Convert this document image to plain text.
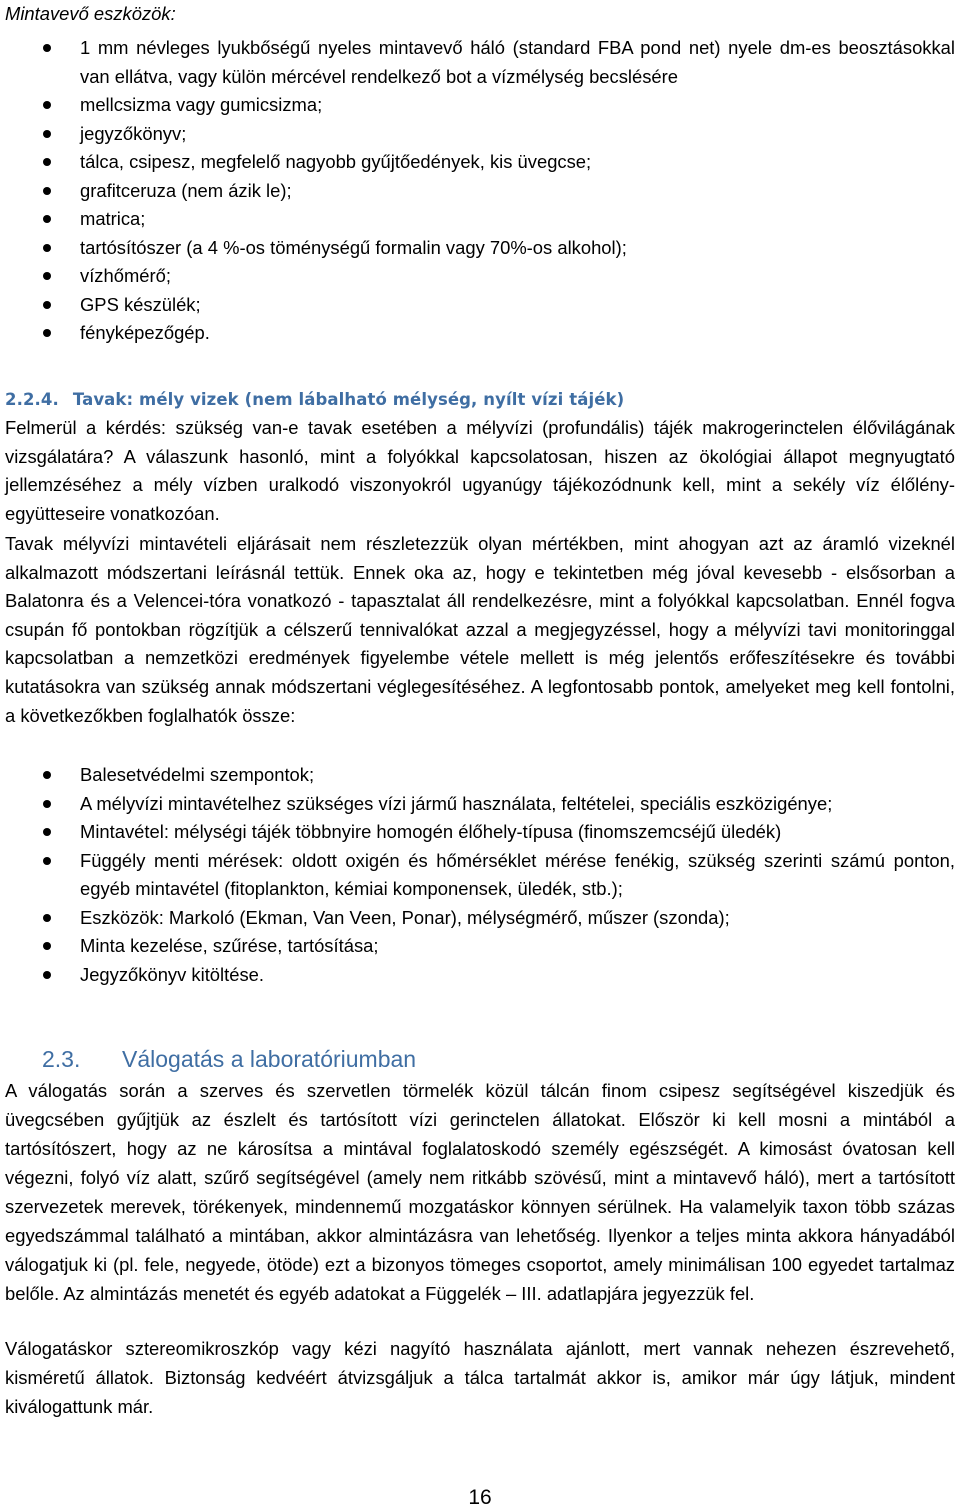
Mintavevő eszközök:

1 mm névleges lyukbőségű nyeles mintavevő háló (standard FBA pond net) nyele dm-es beosztásokkal van ellátva, vagy külön mércével rendelkező bot a vízmélység becslésére
mellcsizma vagy gumicsizma;
jegyzőkönyv;
tálca, csipesz, megfelelő nagyobb gyűjtőedények, kis üvegcse;
grafitceruza (nem ázik le);
matrica;
tartósítószer (a 4 %-os töménységű formalin vagy 70%-os alkohol);
vízhőmérő;
GPS készülék;
fényképezőgép.
2.2.4. Tavak: mély vizek (nem lábalható mélység, nyílt vízi tájék)

Felmerül a kérdés: szükség van-e tavak esetében a mélyvízi (profundális) tájék makrogerinctelen élővilágának vizsgálatára? A válaszunk hasonló, mint a folyókkal kapcsolatosan, hiszen az ökológiai állapot megnyugtató jellemzéséhez a mély vízben uralkodó viszonyokról ugyanúgy tájékozódnunk kell, mint a sekély víz élőlény-együtteseire vonatkozóan.

Tavak mélyvízi mintavételi eljárásait nem részletezzük olyan mértékben, mint ahogyan azt az áramló vizeknél alkalmazott módszertani leírásnál tettük. Ennek oka az, hogy e tekintetben még jóval kevesebb - elsősorban a Balatonra és a Velencei-tóra vonatkozó - tapasztalat áll rendelkezésre, mint a folyókkal kapcsolatban. Ennél fogva csupán fő pontokban rögzítjük a célszerű tennivalókat azzal a megjegyzéssel, hogy a mélyvízi tavi monitoringgal kapcsolatban a nemzetközi eredmények figyelembe vétele mellett is még jelentős erőfeszítésekre és további kutatásokra van szükség annak módszertani véglegesítéséhez. A legfontosabb pontok, amelyeket meg kell fontolni, a következőkben foglalhatók össze:

Balesetvédelmi szempontok;
A mélyvízi mintavételhez szükséges vízi jármű használata, feltételei, speciális eszközigénye;
Mintavétel: mélységi tájék többnyire homogén élőhely-típusa (finomszemcséjű üledék)
Függély menti mérések: oldott oxigén és hőmérséklet mérése fenékig, szükség szerinti számú ponton, egyéb mintavétel (fitoplankton, kémiai komponensek, üledék, stb.);
Eszközök: Markoló (Ekman, Van Veen, Ponar), mélységmérő, műszer (szonda);
Minta kezelése, szűrése, tartósítása;
Jegyzőkönyv kitöltése.
2.3. Válogatás a laboratóriumban

A válogatás során a szerves és szervetlen törmelék közül tálcán finom csipesz segítségével kiszedjük és üvegcsében gyűjtjük az észlelt és tartósított vízi gerinctelen állatokat. Először ki kell mosni a mintából a tartósítószert, hogy az ne károsítsa a mintával foglalatoskodó személy egészségét. A kimosást óvatosan kell végezni, folyó víz alatt, szűrő segítségével (amely nem ritkább szövésű, mint a mintavevő háló), mert a tartósított szervezetek merevek, törékenyek, mindennemű mozgatáskor könnyen sérülnek. Ha valamelyik taxon több százas egyedszámmal található a mintában, akkor almintázásra van lehetőség. Ilyenkor a teljes minta akkora hányadából válogatjuk ki (pl. fele, negyede, ötöde) ezt a bizonyos tömeges csoportot, amely minimálisan 100 egyedet tartalmaz belőle. Az almintázás menetét és egyéb adatokat a Függelék – III. adatlapjára jegyezzük fel.

Válogatáskor sztereomikroszkóp vagy kézi nagyító használata ajánlott, mert vannak nehezen észrevehető, kisméretű állatok. Biztonság kedvéért átvizsgáljuk a tálca tartalmát akkor is, amikor már úgy látjuk, mindent kiválogattunk már.

16
